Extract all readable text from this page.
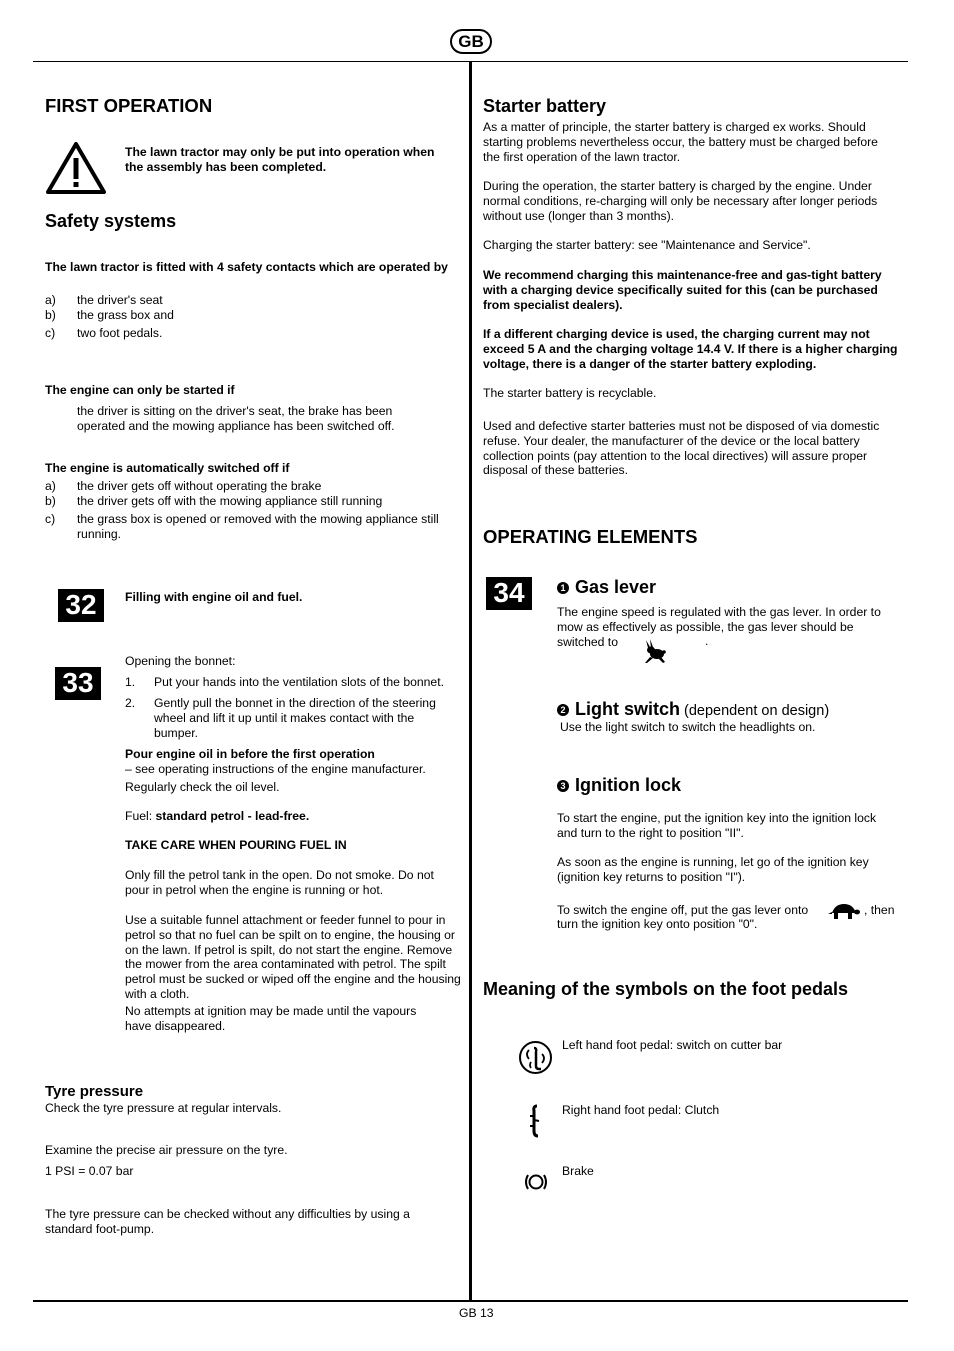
GB
GB 13
FIRST OPERATION
The lawn tractor may only be put into operation when the assembly has been completed.
Safety systems
The lawn tractor is fitted with 4 safety contacts which are operated by
a) the driver's seat
b) the grass box and
c) two foot pedals.
The engine can only be started if
the driver is sitting on the driver's seat, the brake has been operated and the mowing appliance has been switched off.
The engine is automatically switched off if
a) the driver gets off without operating the brake
b) the driver gets off with the mowing appliance still running
c) the grass box is opened or removed with the mowing appliance still running.
32	Filling with engine oil and fuel.
33
Opening the bonnet:
1. Put your hands into the ventilation slots of the bonnet.
2. Gently pull the bonnet in the direction of the steering wheel and lift it up until it makes contact with the bumper.
Pour engine oil in before the first operation
– see operating instructions of the engine manufacturer.
Regularly check the oil level.
Fuel: standard petrol - lead-free.
TAKE CARE WHEN POURING FUEL IN
Only fill the petrol tank in the open. Do not smoke. Do not pour in petrol when the engine is running or hot.
Use a suitable funnel attachment or feeder funnel to pour in petrol so that no fuel can be spilt on to engine, the housing or on the lawn. If petrol is spilt, do not start the engine. Remove the mower from the area contaminated with petrol. The spilt petrol must be sucked or wiped off the engine and the housing with a cloth.
No attempts at ignition may be made until the vapours have disappeared.
Tyre pressure
Check the tyre pressure at regular intervals.
Examine the precise air pressure on the tyre.
1 PSI = 0.07 bar
The tyre pressure can be checked without any difficulties by using a standard foot-pump.
Starter battery
As a matter of principle, the starter battery is charged ex works. Should starting problems nevertheless occur, the battery must be charged before the first operation of the lawn tractor.
During the operation, the starter battery is charged by the engine. Under normal conditions, re-charging will only be necessary after longer periods without use (longer than 3 months).
Charging the starter battery: see "Maintenance and Service".
We recommend charging this maintenance-free and gas-tight battery with a charging device specifically suited for this (can be purchased from specialist dealers).
If a different charging device is used, the charging current may not exceed 5 A and the charging voltage 14.4 V. If there is a higher charging voltage, there is a danger of the starter battery exploding.
The starter battery is recyclable.
Used and defective starter batteries must not be disposed of via domestic refuse. Your dealer, the manufacturer of the device or the local battery collection points (pay attention to the local directives) will assure proper disposal of these batteries.
OPERATING ELEMENTS
34	1 Gas lever
The engine speed is regulated with the gas lever. In order to mow as effectively as possible, the gas lever should be switched to	.
2 Light switch (dependent on design)
Use the light switch to switch the headlights on.
3 Ignition lock
To start the engine, put the ignition key into the ignition lock and turn to the right to position "II".
As soon as the engine is running, let go of the ignition key (ignition key returns to position "I").
To switch the engine off, put the gas lever onto	, then
turn the ignition key onto position "0".
Meaning of the symbols on the foot pedals
Left hand foot pedal: switch on cutter bar
Right hand foot pedal: Clutch
Brake
